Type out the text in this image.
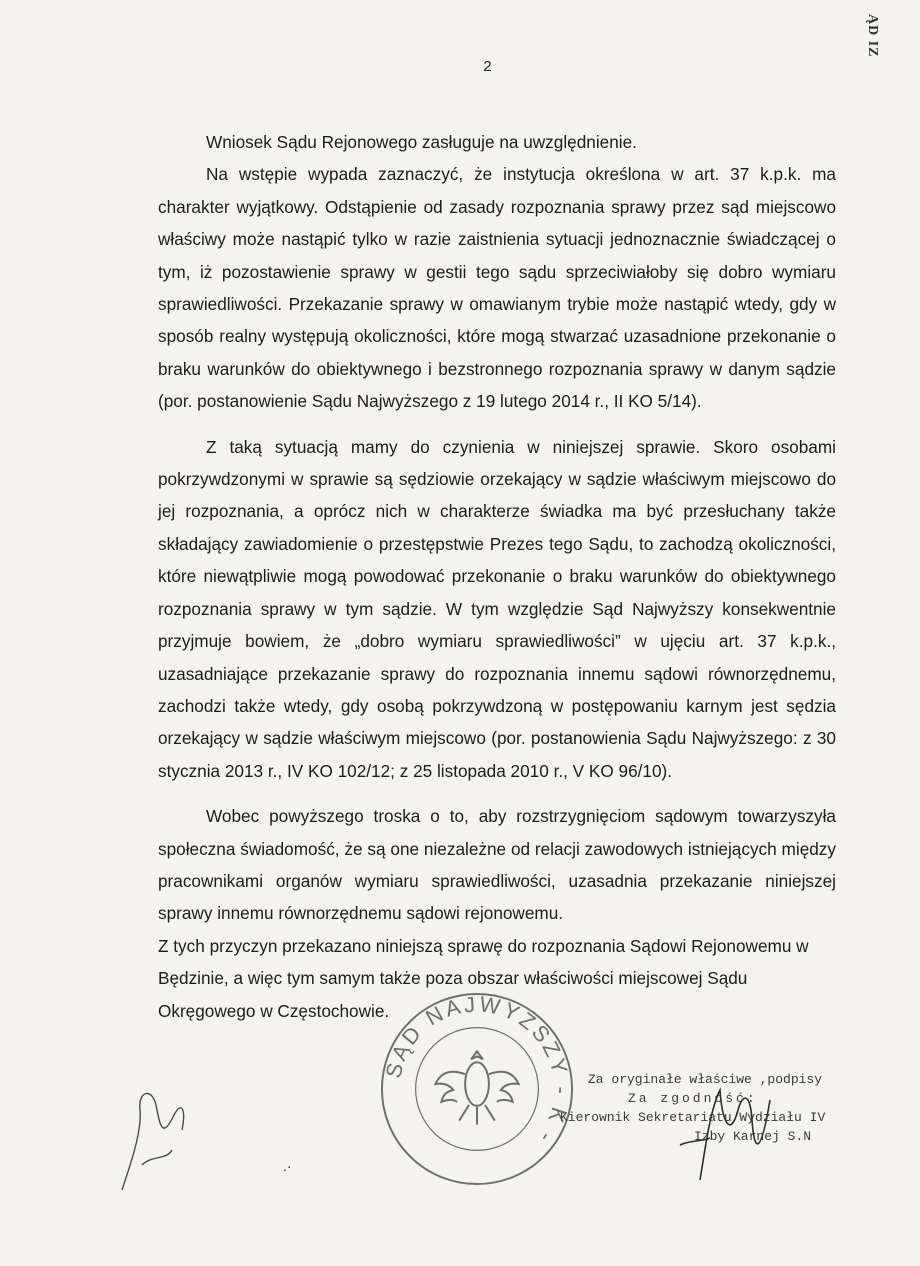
2
ĄD IZ

Wniosek Sądu Rejonowego zasługuje na uwzględnienie.

Na wstępie wypada zaznaczyć, że instytucja określona w art. 37 k.p.k. ma charakter wyjątkowy. Odstąpienie od zasady rozpoznania sprawy przez sąd miejscowo właściwy może nastąpić tylko w razie zaistnienia sytuacji jednoznacznie świadczącej o tym, iż pozostawienie sprawy w gestii tego sądu sprzeciwiałoby się dobro wymiaru sprawiedliwości. Przekazanie sprawy w omawianym trybie może nastąpić wtedy, gdy w sposób realny występują okoliczności, które mogą stwarzać uzasadnione przekonanie o braku warunków do obiektywnego i bezstronnego rozpoznania sprawy w danym sądzie (por. postanowienie Sądu Najwyższego z 19 lutego 2014 r., II KO 5/14).

Z taką sytuacją mamy do czynienia w niniejszej sprawie. Skoro osobami pokrzywdzonymi w sprawie są sędziowie orzekający w sądzie właściwym miejscowo do jej rozpoznania, a oprócz nich w charakterze świadka ma być przesłuchany także składający zawiadomienie o przestępstwie Prezes tego Sądu, to zachodzą okoliczności, które niewątpliwie mogą powodować przekonanie o braku warunków do obiektywnego rozpoznania sprawy w tym sądzie. W tym względzie Sąd Najwyższy konsekwentnie przyjmuje bowiem, że „dobro wymiaru sprawiedliwości” w ujęciu art. 37 k.p.k., uzasadniające przekazanie sprawy do rozpoznania innemu sądowi równorzędnemu, zachodzi także wtedy, gdy osobą pokrzywdzoną w postępowaniu karnym jest sędzia orzekający w sądzie właściwym miejscowo (por. postanowienia Sądu Najwyższego: z 30 stycznia 2013 r., IV KO 102/12; z 25 listopada 2010 r., V KO 96/10).

Wobec powyższego troska o to, aby rozstrzygnięciom sądowym towarzyszyła społeczna świadomość, że są one niezależne od relacji zawodowych istniejących między pracownikami organów wymiaru sprawiedliwości, uzasadnia przekazanie niniejszej sprawy innemu równorzędnemu sądowi rejonowemu.

Z tych przyczyn przekazano niniejszą sprawę do rozpoznania Sądowi Rejonowemu w Będzinie, a więc tym samym także poza obszar właściwości miejscowej Sądu Okręgowego w Częstochowie.

SĄD NAJWYŻSZY - K -
Za oryginałe właściwe ,podpisy
Za zgodność:
Kierownik Sekretariatu Wydziału IV
Izby Karnej S.N
.·
